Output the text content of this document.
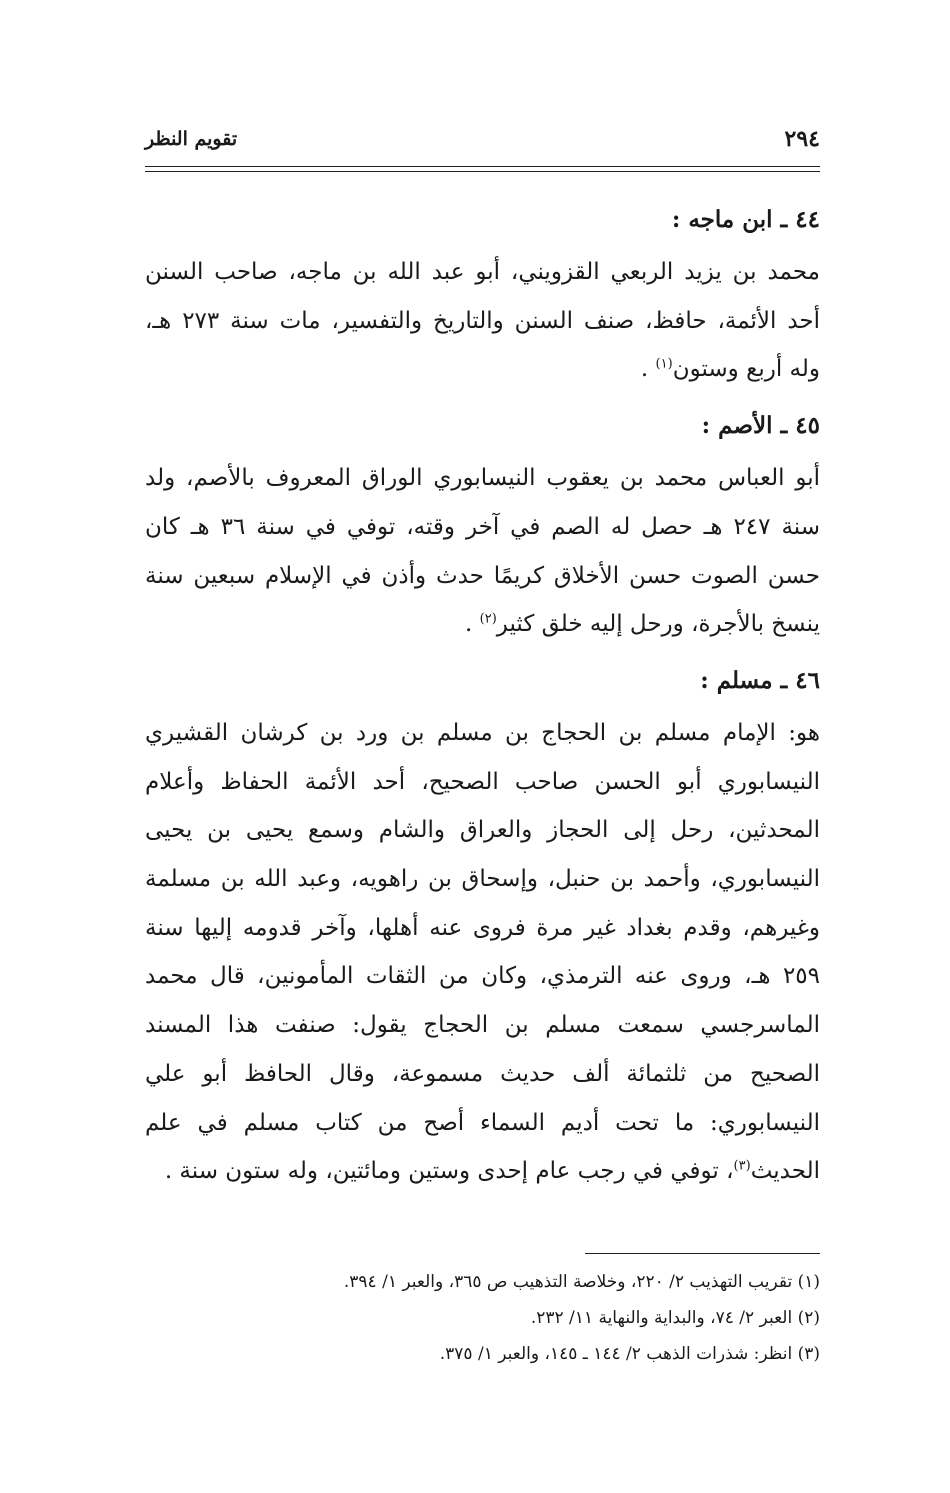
٢٩٤
تقويم النظر
٤٤ ـ ابن ماجه :

محمد بن يزيد الربعي القزويني، أبو عبد الله بن ماجه، صاحب السنن أحد الأئمة، حافظ، صنف السنن والتاريخ والتفسير، مات سنة ٢٧٣ هـ، وله أربع وستون$^{(١)}$ .

٤٥ ـ الأصم :

أبو العباس محمد بن يعقوب النيسابوري الوراق المعروف بالأصم، ولد سنة ٢٤٧ هـ حصل له الصم في آخر وقته، توفي في سنة ٣٦ هـ كان حسن الصوت حسن الأخلاق كريمًا حدث وأذن في الإسلام سبعين سنة ينسخ بالأجرة، ورحل إليه خلق كثير$^{(٢)}$ .

٤٦ ـ مسلم :

هو: الإمام مسلم بن الحجاج بن مسلم بن ورد بن كرشان القشيري النيسابوري أبو الحسن صاحب الصحيح، أحد الأئمة الحفاظ وأعلام المحدثين، رحل إلى الحجاز والعراق والشام وسمع يحيى بن يحيى النيسابوري، وأحمد بن حنبل، وإسحاق بن راهويه، وعبد الله بن مسلمة وغيرهم، وقدم بغداد غير مرة فروى عنه أهلها، وآخر قدومه إليها سنة ٢٥٩ هـ، وروى عنه الترمذي، وكان من الثقات المأمونين، قال محمد الماسرجسي سمعت مسلم بن الحجاج يقول: صنفت هذا المسند الصحيح من ثلثمائة ألف حديث مسموعة، وقال الحافظ أبو علي النيسابوري: ما تحت أديم السماء أصح من كتاب مسلم في علم الحديث$^{(٣)}$، توفي في رجب عام إحدى وستين ومائتين، وله ستون سنة .

(١) تقريب التهذيب ٢/ ٢٢٠، وخلاصة التذهيب ص ٣٦٥، والعبر ١/ ٣٩٤.

(٢) العبر ٢/ ٧٤، والبداية والنهاية ١١/ ٢٣٢.

(٣) انظر: شذرات الذهب ٢/ ١٤٤ ـ ١٤٥، والعبر ١/ ٣٧٥.
